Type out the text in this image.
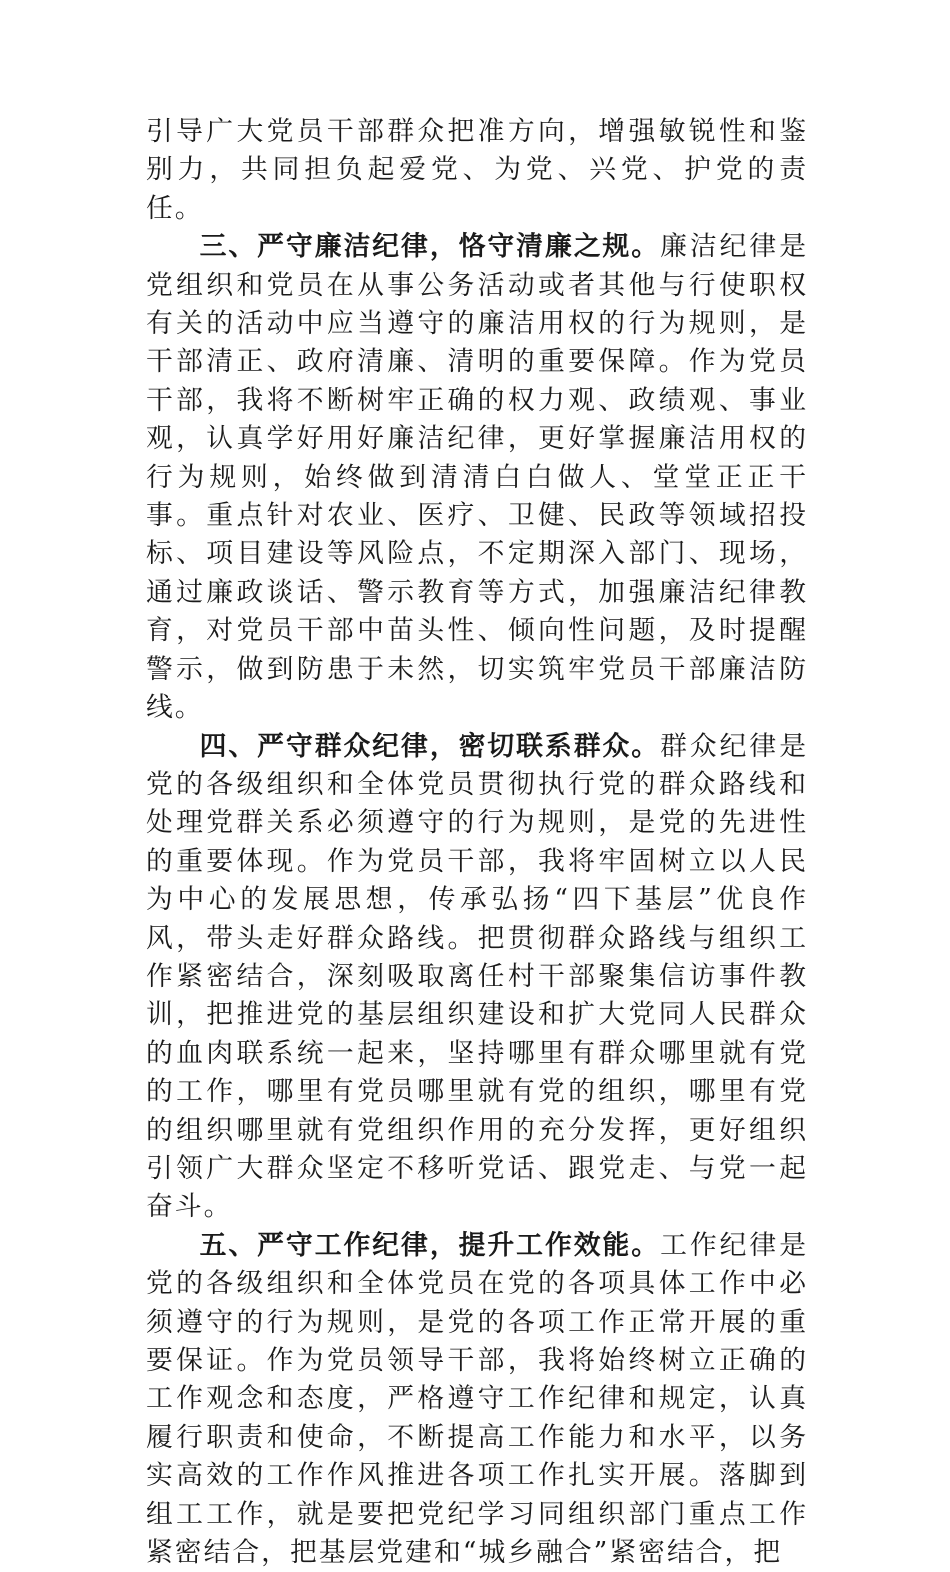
引导广大党员干部群众把准方向，增强敏锐性和鉴别力，共同担负起爱党、为党、兴党、护党的责任。

三、严守廉洁纪律，恪守清廉之规。廉洁纪律是党组织和党员在从事公务活动或者其他与行使职权有关的活动中应当遵守的廉洁用权的行为规则，是干部清正、政府清廉、清明的重要保障。作为党员干部，我将不断树牢正确的权力观、政绩观、事业观，认真学好用好廉洁纪律，更好掌握廉洁用权的行为规则，始终做到清清白白做人、堂堂正正干事。重点针对农业、医疗、卫健、民政等领域招投标、项目建设等风险点，不定期深入部门、现场，通过廉政谈话、警示教育等方式，加强廉洁纪律教育，对党员干部中苗头性、倾向性问题，及时提醒警示，做到防患于未然，切实筑牢党员干部廉洁防线。

四、严守群众纪律，密切联系群众。群众纪律是党的各级组织和全体党员贯彻执行党的群众路线和处理党群关系必须遵守的行为规则，是党的先进性的重要体现。作为党员干部，我将牢固树立以人民为中心的发展思想，传承弘扬“四下基层”优良作风，带头走好群众路线。把贯彻群众路线与组织工作紧密结合，深刻吸取离任村干部聚集信访事件教训，把推进党的基层组织建设和扩大党同人民群众的血肉联系统一起来，坚持哪里有群众哪里就有党的工作，哪里有党员哪里就有党的组织，哪里有党的组织哪里就有党组织作用的充分发挥，更好组织引领广大群众坚定不移听党话、跟党走、与党一起奋斗。

五、严守工作纪律，提升工作效能。工作纪律是党的各级组织和全体党员在党的各项具体工作中必须遵守的行为规则，是党的各项工作正常开展的重要保证。作为党员领导干部，我将始终树立正确的工作观念和态度，严格遵守工作纪律和规定，认真履行职责和使命，不断提高工作能力和水平，以务实高效的工作作风推进各项工作扎实开展。落脚到组工工作，就是要把党纪学习同组织部门重点工作紧密结合，把基层党建和“城乡融合”紧密结合，把
